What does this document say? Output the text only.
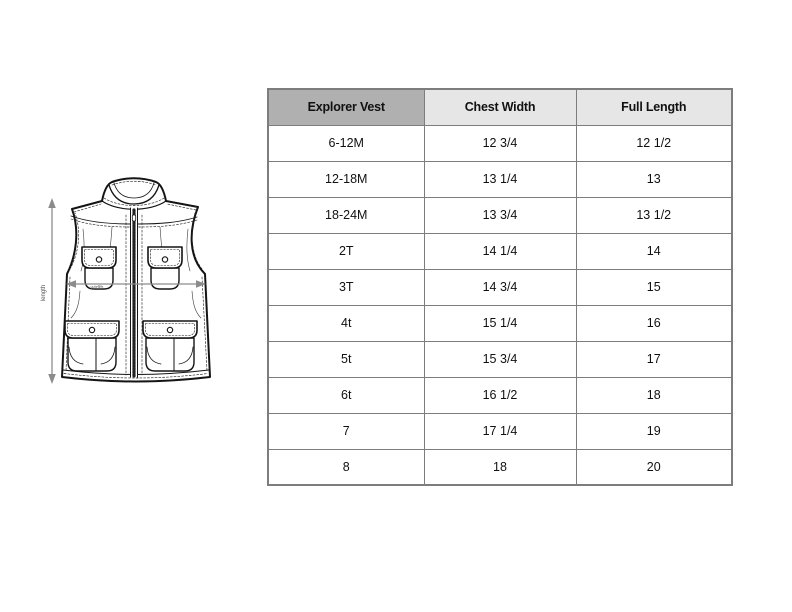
length	width
Explorer Vest	Chest Width	Full Length
6-12M	12 3/4	12 1/2
12-18M	13 1/4	13
18-24M	13 3/4	13 1/2
2T	14 1/4	14
3T	14 3/4	15
4t	15 1/4	16
5t	15 3/4	17
6t	16 1/2	18
7	17 1/4	19
8	18	20
